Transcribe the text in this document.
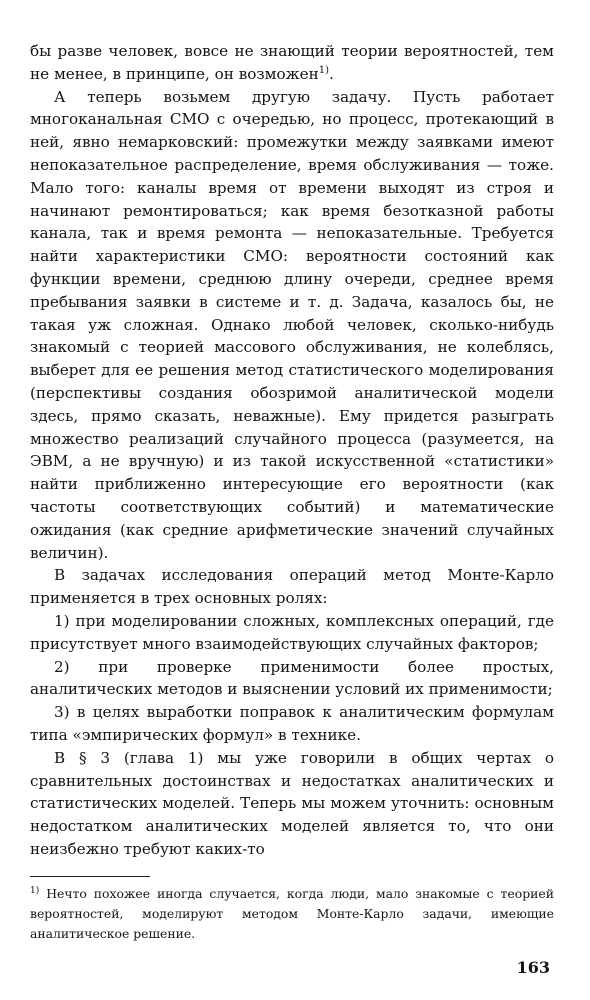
бы разве человек, вовсе не знающий теории вероятностей, тем не менее, в принципе, он возможен$^{1)}$.

А теперь возьмем другую задачу. Пусть работает многоканальная СМО с очередью, но процесс, протекающий в ней, явно немарковский: промежутки между заявками имеют непоказательное распределение, время обслуживания — тоже. Мало того: каналы время от времени выходят из строя и начинают ремонтироваться; как время безотказной работы канала, так и время ремонта — непоказательные. Требуется найти характеристики СМО: вероятности состояний как функции времени, среднюю длину очереди, среднее время пребывания заявки в системе и т. д. Задача, казалось бы, не такая уж сложная. Однако любой человек, сколько-нибудь знакомый с теорией массового обслуживания, не колеблясь, выберет для ее решения метод статистического моделирования (перспективы создания обозримой аналитической модели здесь, прямо сказать, неважные). Ему придется разыграть множество реализаций случайного процесса (разумеется, на ЭВМ, а не вручную) и из такой искусственной «статистики» найти приближенно интересующие его вероятности (как частоты соответствующих событий) и математические ожидания (как средние арифметические значений случайных величин).

В задачах исследования операций метод Монте-Карло применяется в трех основных ролях:

1) при моделировании сложных, комплексных операций, где присутствует много взаимодействующих случайных факторов;

2) при проверке применимости более простых, аналитических методов и выяснении условий их применимости;

3) в целях выработки поправок к аналитическим формулам типа «эмпирических формул» в технике.

В § 3 (глава 1) мы уже говорили в общих чертах о сравнительных достоинствах и недостатках аналитических и статистических моделей. Теперь мы можем уточнить: основным недостатком аналитических моделей является то, что они неизбежно требуют каких-то

$^{1)}$ Нечто похожее иногда случается, когда люди, мало знакомые с теорией вероятностей, моделируют методом Монте-Карло задачи, имеющие аналитическое решение.
163
